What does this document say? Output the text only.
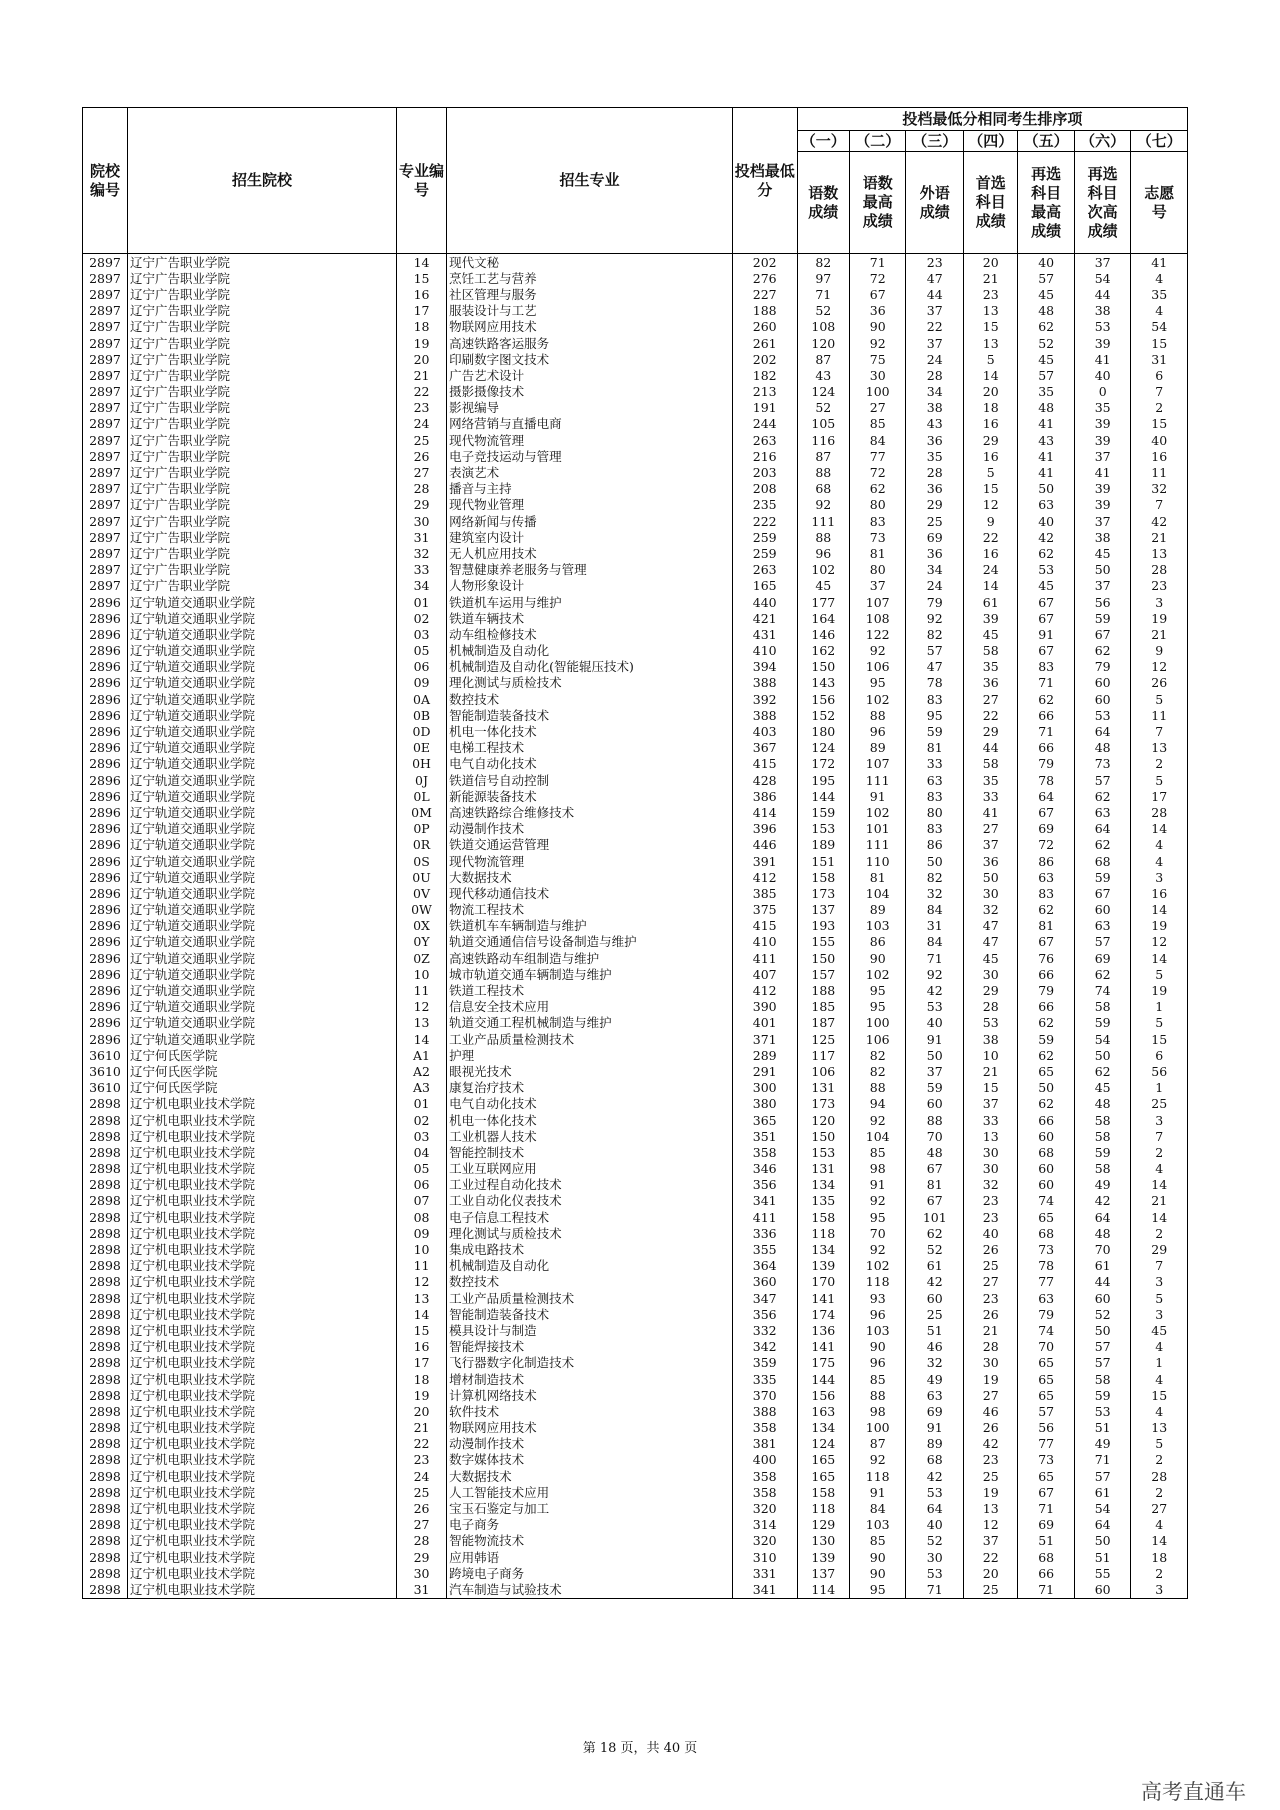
院校编号	招生院校	专业编号	招生专业	投档最低分	投档最低分相同考生排序项						
					（一）	（二）	（三）	（四）	（五）	（六）	（七）
					语数成绩	语数最高成绩	外语成绩	首选科目成绩	再选科目最高成绩	再选科目次高成绩	志愿号
2897	辽宁广告职业学院	14	现代文秘	202	82	71	23	20	40	37	41
2897	辽宁广告职业学院	15	烹饪工艺与营养	276	97	72	47	21	57	54	4
2897	辽宁广告职业学院	16	社区管理与服务	227	71	67	44	23	45	44	35
2897	辽宁广告职业学院	17	服装设计与工艺	188	52	36	37	13	48	38	4
2897	辽宁广告职业学院	18	物联网应用技术	260	108	90	22	15	62	53	54
2897	辽宁广告职业学院	19	高速铁路客运服务	261	120	92	37	13	52	39	15
2897	辽宁广告职业学院	20	印刷数字图文技术	202	87	75	24	5	45	41	31
2897	辽宁广告职业学院	21	广告艺术设计	182	43	30	28	14	57	40	6
2897	辽宁广告职业学院	22	摄影摄像技术	213	124	100	34	20	35	0	7
2897	辽宁广告职业学院	23	影视编导	191	52	27	38	18	48	35	2
2897	辽宁广告职业学院	24	网络营销与直播电商	244	105	85	43	16	41	39	15
2897	辽宁广告职业学院	25	现代物流管理	263	116	84	36	29	43	39	40
2897	辽宁广告职业学院	26	电子竞技运动与管理	216	87	77	35	16	41	37	16
2897	辽宁广告职业学院	27	表演艺术	203	88	72	28	5	41	41	11
2897	辽宁广告职业学院	28	播音与主持	208	68	62	36	15	50	39	32
2897	辽宁广告职业学院	29	现代物业管理	235	92	80	29	12	63	39	7
2897	辽宁广告职业学院	30	网络新闻与传播	222	111	83	25	9	40	37	42
2897	辽宁广告职业学院	31	建筑室内设计	259	88	73	69	22	42	38	21
2897	辽宁广告职业学院	32	无人机应用技术	259	96	81	36	16	62	45	13
2897	辽宁广告职业学院	33	智慧健康养老服务与管理	263	102	80	34	24	53	50	28
2897	辽宁广告职业学院	34	人物形象设计	165	45	37	24	14	45	37	23
2896	辽宁轨道交通职业学院	01	铁道机车运用与维护	440	177	107	79	61	67	56	3
2896	辽宁轨道交通职业学院	02	铁道车辆技术	421	164	108	92	39	67	59	19
2896	辽宁轨道交通职业学院	03	动车组检修技术	431	146	122	82	45	91	67	21
2896	辽宁轨道交通职业学院	05	机械制造及自动化	410	162	92	57	58	67	62	9
2896	辽宁轨道交通职业学院	06	机械制造及自动化(智能辊压技术)	394	150	106	47	35	83	79	12
2896	辽宁轨道交通职业学院	09	理化测试与质检技术	388	143	95	78	36	71	60	26
2896	辽宁轨道交通职业学院	0A	数控技术	392	156	102	83	27	62	60	5
2896	辽宁轨道交通职业学院	0B	智能制造装备技术	388	152	88	95	22	66	53	11
2896	辽宁轨道交通职业学院	0D	机电一体化技术	403	180	96	59	29	71	64	7
2896	辽宁轨道交通职业学院	0E	电梯工程技术	367	124	89	81	44	66	48	13
2896	辽宁轨道交通职业学院	0H	电气自动化技术	415	172	107	33	58	79	73	2
2896	辽宁轨道交通职业学院	0J	铁道信号自动控制	428	195	111	63	35	78	57	5
2896	辽宁轨道交通职业学院	0L	新能源装备技术	386	144	91	83	33	64	62	17
2896	辽宁轨道交通职业学院	0M	高速铁路综合维修技术	414	159	102	80	41	67	63	28
2896	辽宁轨道交通职业学院	0P	动漫制作技术	396	153	101	83	27	69	64	14
2896	辽宁轨道交通职业学院	0R	铁道交通运营管理	446	189	111	86	37	72	62	4
2896	辽宁轨道交通职业学院	0S	现代物流管理	391	151	110	50	36	86	68	4
2896	辽宁轨道交通职业学院	0U	大数据技术	412	158	81	82	50	63	59	3
2896	辽宁轨道交通职业学院	0V	现代移动通信技术	385	173	104	32	30	83	67	16
2896	辽宁轨道交通职业学院	0W	物流工程技术	375	137	89	84	32	62	60	14
2896	辽宁轨道交通职业学院	0X	铁道机车车辆制造与维护	415	193	103	31	47	81	63	19
2896	辽宁轨道交通职业学院	0Y	轨道交通通信信号设备制造与维护	410	155	86	84	47	67	57	12
2896	辽宁轨道交通职业学院	0Z	高速铁路动车组制造与维护	411	150	90	71	45	76	69	14
2896	辽宁轨道交通职业学院	10	城市轨道交通车辆制造与维护	407	157	102	92	30	66	62	5
2896	辽宁轨道交通职业学院	11	铁道工程技术	412	188	95	42	29	79	74	19
2896	辽宁轨道交通职业学院	12	信息安全技术应用	390	185	95	53	28	66	58	1
2896	辽宁轨道交通职业学院	13	轨道交通工程机械制造与维护	401	187	100	40	53	62	59	5
2896	辽宁轨道交通职业学院	14	工业产品质量检测技术	371	125	106	91	38	59	54	15
3610	辽宁何氏医学院	A1	护理	289	117	82	50	10	62	50	6
3610	辽宁何氏医学院	A2	眼视光技术	291	106	82	37	21	65	62	56
3610	辽宁何氏医学院	A3	康复治疗技术	300	131	88	59	15	50	45	1
2898	辽宁机电职业技术学院	01	电气自动化技术	380	173	94	60	37	62	48	25
2898	辽宁机电职业技术学院	02	机电一体化技术	365	120	92	88	33	66	58	3
2898	辽宁机电职业技术学院	03	工业机器人技术	351	150	104	70	13	60	58	7
2898	辽宁机电职业技术学院	04	智能控制技术	358	153	85	48	30	68	59	2
2898	辽宁机电职业技术学院	05	工业互联网应用	346	131	98	67	30	60	58	4
2898	辽宁机电职业技术学院	06	工业过程自动化技术	356	134	91	81	32	60	49	14
2898	辽宁机电职业技术学院	07	工业自动化仪表技术	341	135	92	67	23	74	42	21
2898	辽宁机电职业技术学院	08	电子信息工程技术	411	158	95	101	23	65	64	14
2898	辽宁机电职业技术学院	09	理化测试与质检技术	336	118	70	62	40	68	48	2
2898	辽宁机电职业技术学院	10	集成电路技术	355	134	92	52	26	73	70	29
2898	辽宁机电职业技术学院	11	机械制造及自动化	364	139	102	61	25	78	61	7
2898	辽宁机电职业技术学院	12	数控技术	360	170	118	42	27	77	44	3
2898	辽宁机电职业技术学院	13	工业产品质量检测技术	347	141	93	60	23	63	60	5
2898	辽宁机电职业技术学院	14	智能制造装备技术	356	174	96	25	26	79	52	3
2898	辽宁机电职业技术学院	15	模具设计与制造	332	136	103	51	21	74	50	45
2898	辽宁机电职业技术学院	16	智能焊接技术	342	141	90	46	28	70	57	4
2898	辽宁机电职业技术学院	17	飞行器数字化制造技术	359	175	96	32	30	65	57	1
2898	辽宁机电职业技术学院	18	增材制造技术	335	144	85	49	19	65	58	4
2898	辽宁机电职业技术学院	19	计算机网络技术	370	156	88	63	27	65	59	15
2898	辽宁机电职业技术学院	20	软件技术	388	163	98	69	46	57	53	4
2898	辽宁机电职业技术学院	21	物联网应用技术	358	134	100	91	26	56	51	13
2898	辽宁机电职业技术学院	22	动漫制作技术	381	124	87	89	42	77	49	5
2898	辽宁机电职业技术学院	23	数字媒体技术	400	165	92	68	23	73	71	2
2898	辽宁机电职业技术学院	24	大数据技术	358	165	118	42	25	65	57	28
2898	辽宁机电职业技术学院	25	人工智能技术应用	358	158	91	53	19	67	61	2
2898	辽宁机电职业技术学院	26	宝玉石鉴定与加工	320	118	84	64	13	71	54	27
2898	辽宁机电职业技术学院	27	电子商务	314	129	103	40	12	69	64	4
2898	辽宁机电职业技术学院	28	智能物流技术	320	130	85	52	37	51	50	14
2898	辽宁机电职业技术学院	29	应用韩语	310	139	90	30	22	68	51	18
2898	辽宁机电职业技术学院	30	跨境电子商务	331	137	90	53	20	66	55	2
2898	辽宁机电职业技术学院	31	汽车制造与试验技术	341	114	95	71	25	71	60	3
第 18 页，共 40 页
高考直通车
